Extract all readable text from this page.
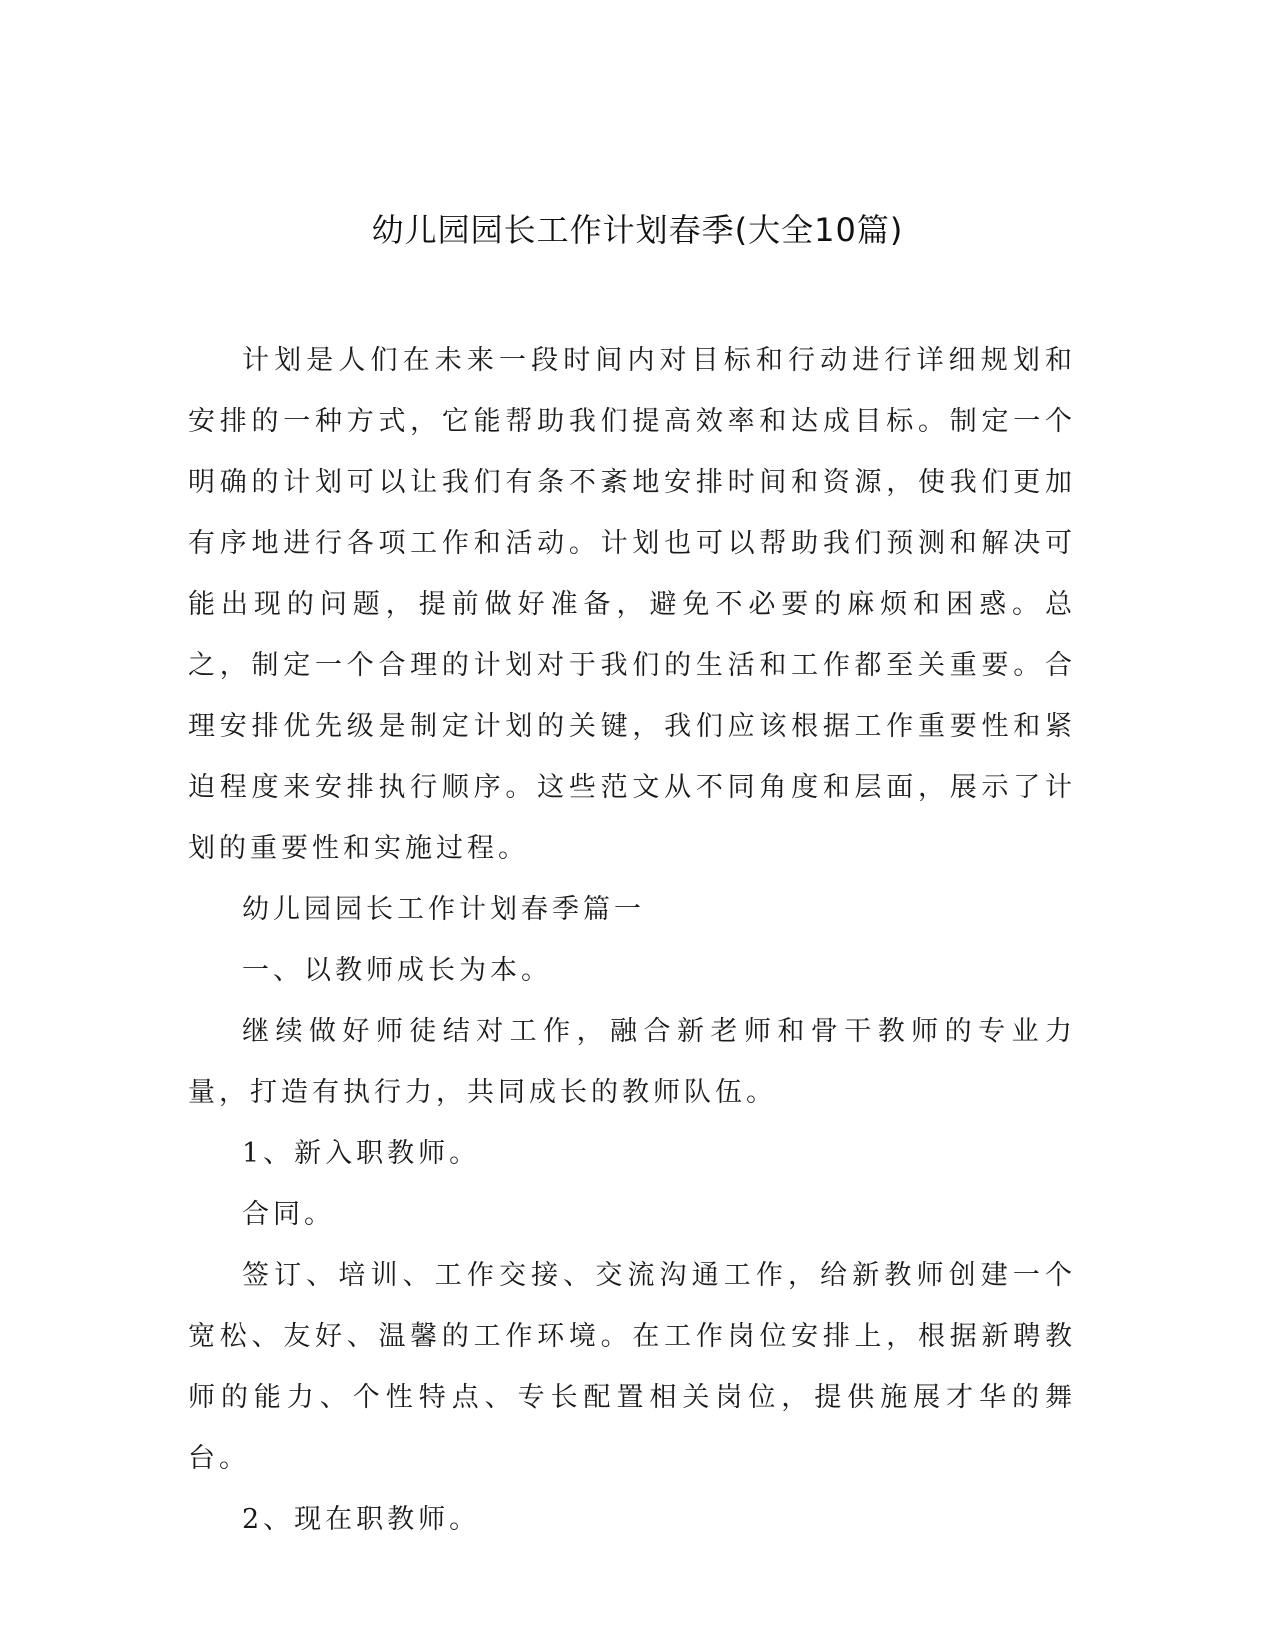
幼儿园园长工作计划春季(大全10篇)

计划是人们在未来一段时间内对目标和行动进行详细规划和安排的一种方式，它能帮助我们提高效率和达成目标。制定一个明确的计划可以让我们有条不紊地安排时间和资源，使我们更加有序地进行各项工作和活动。计划也可以帮助我们预测和解决可能出现的问题，提前做好准备，避免不必要的麻烦和困惑。总之，制定一个合理的计划对于我们的生活和工作都至关重要。合理安排优先级是制定计划的关键，我们应该根据工作重要性和紧迫程度来安排执行顺序。这些范文从不同角度和层面，展示了计划的重要性和实施过程。

幼儿园园长工作计划春季篇一

一、以教师成长为本。

继续做好师徒结对工作，融合新老师和骨干教师的专业力量，打造有执行力，共同成长的教师队伍。

1、新入职教师。

合同。

签订、培训、工作交接、交流沟通工作，给新教师创建一个宽松、友好、温馨的工作环境。在工作岗位安排上，根据新聘教师的能力、个性特点、专长配置相关岗位，提供施展才华的舞台。

2、现在职教师。
